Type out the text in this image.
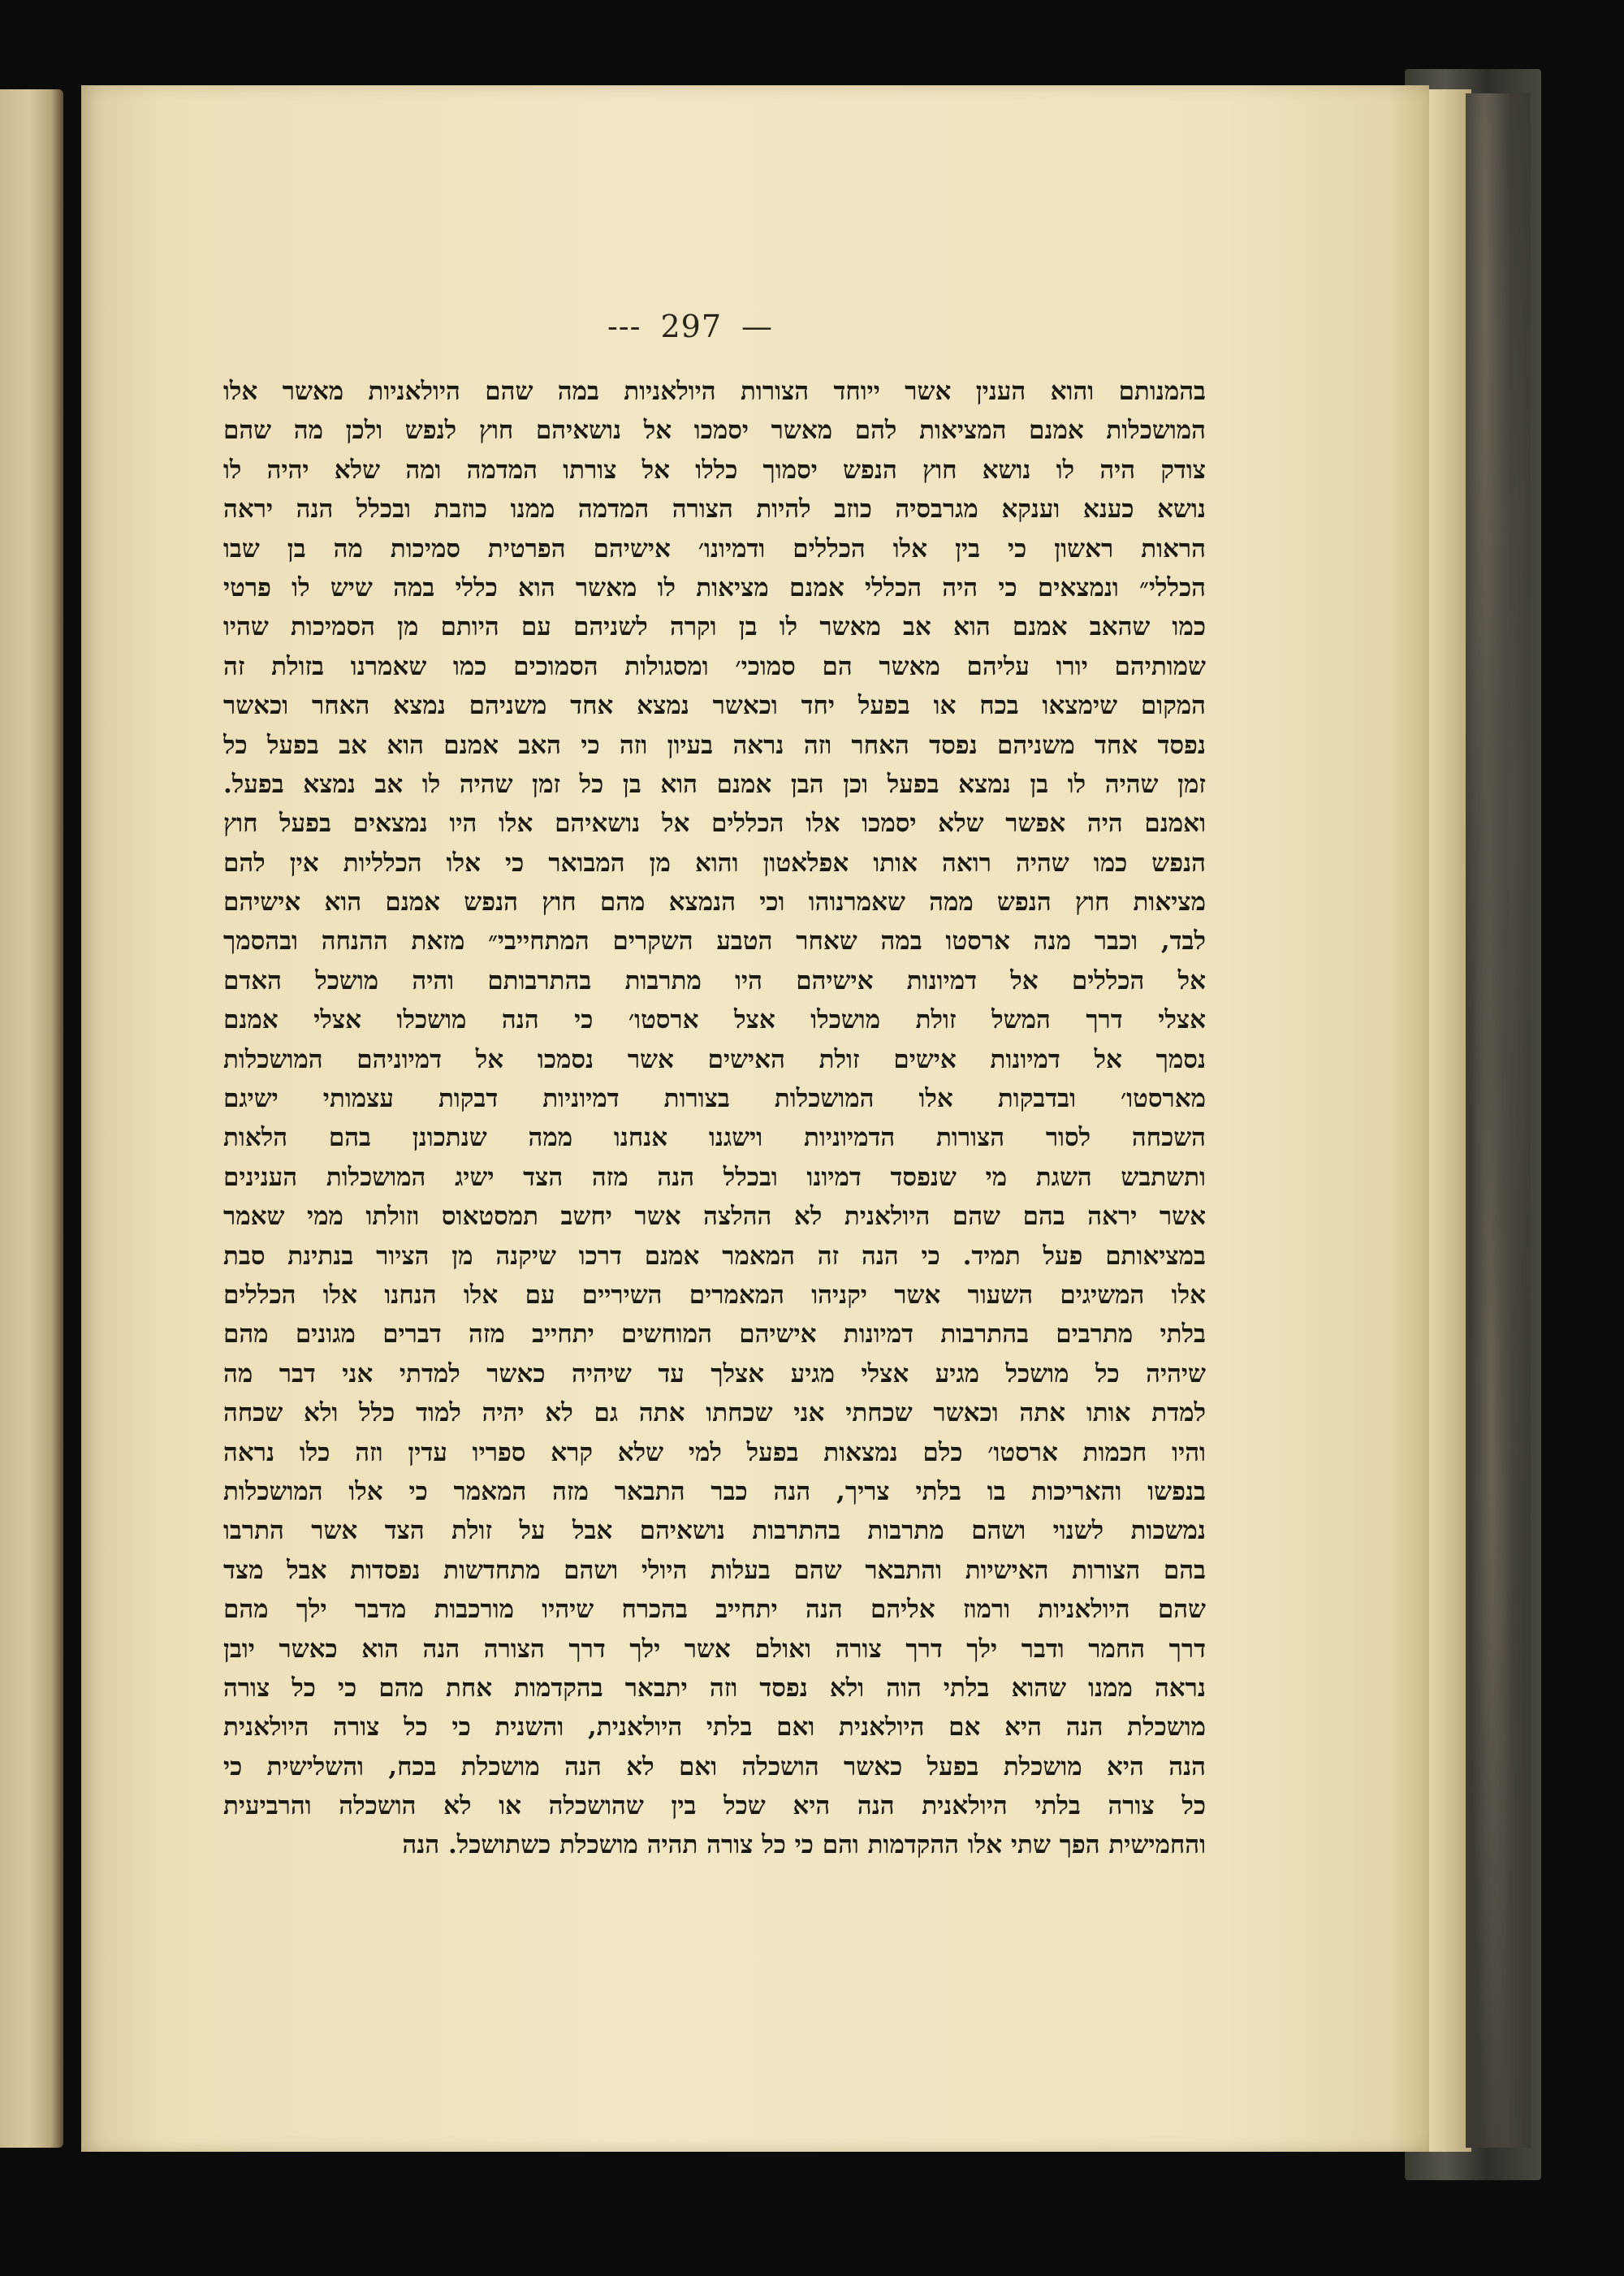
--- 297 —
בהמנותם והוא הענין אשר ייוחד הצורות היולאניות במה שהם היולאניות מאשר אלו
המושכלות אמנם המציאות להם מאשר יסמכו אל נושאיהם חוץ לנפש ולכן מה שהם
צודק היה לו נושא חוץ הנפש יסמוך כללו אל צורתו המדמה ומה שלא יהיה לו
נושא כענא וענקא מגרבסיה כוזב להיות הצורה המדמה ממנו כוזבת ובכלל הנה יראה
הראות ראשון כי בין אלו הכללים ודמיונו׳ אישיהם הפרטית סמיכות מה בן שבו
הכללי״ ונמצאים כי היה הכללי אמנם מציאות לו מאשר הוא כללי במה שיש לו פרטי
כמו שהאב אמנם הוא אב מאשר לו בן וקרה לשניהם עם היותם מן הסמיכות שהיו
שמותיהם יורו עליהם מאשר הם סמוכי׳ ומסגולות הסמוכים כמו שאמרנו בזולת זה
המקום שימצאו בכח או בפעל יחד וכאשר נמצא אחד משניהם נמצא האחר וכאשר
נפסד אחד משניהם נפסד האחר וזה נראה בעיון וזה כי האב אמנם הוא אב בפעל כל
זמן שהיה לו בן נמצא בפעל וכן הבן אמנם הוא בן כל זמן שהיה לו אב נמצא בפעל.
ואמנם היה אפשר שלא יסמכו אלו הכללים אל נושאיהם אלו היו נמצאים בפעל חוץ
הנפש כמו שהיה רואה אותו אפלאטון והוא מן המבואר כי אלו הכלליות אין להם
מציאות חוץ הנפש ממה שאמרנוהו וכי הנמצא מהם חוץ הנפש אמנם הוא אישיהם
לבד, וכבר מנה ארסטו במה שאחר הטבע השקרים המתחייבי״ מזאת ההנחה ובהסמך
אל הכללים אל דמיונות אישיהם היו מתרבות בהתרבותם והיה מושכל האדם
אצלי דרך המשל זולת מושכלו אצל ארסטו׳ כי הנה מושכלו אצלי אמנם
נסמך אל דמיונות אישים זולת האישים אשר נסמכו אל דמיוניהם המושכלות
מארסטו׳ ובדבקות אלו המושכלות בצורות דמיוניות דבקות עצמותי ישיגם
השכחה לסור הצורות הדמיוניות וישגנו אנחנו ממה שנתכונן בהם הלאות
ותשתבש השגת מי שנפסד דמיונו ובכלל הנה מזה הצד ישיג המושכלות הענינים
אשר יראה בהם שהם היולאנית לא ההלצה אשר יחשב תמסטאוס וזולתו ממי שאמר
במציאותם פעל תמיד. כי הנה זה המאמר אמנם דרכו שיקנה מן הציור בנתינת סבת
אלו המשיגים השעור אשר יקניהו המאמרים השיריים עם אלו הנחנו אלו הכללים
בלתי מתרבים בהתרבות דמיונות אישיהם המוחשים יתחייב מזה דברים מגונים מהם
שיהיה כל מושכל מגיע אצלי מגיע אצלך עד שיהיה כאשר למדתי אני דבר מה
למדת אותו אתה וכאשר שכחתי אני שכחתו אתה גם לא יהיה למוד כלל ולא שכחה
והיו חכמות ארסטו׳ כלם נמצאות בפעל למי שלא קרא ספריו עדין וזה כלו נראה
בנפשו והאריכות בו בלתי צריך, הנה כבר התבאר מזה המאמר כי אלו המושכלות
נמשכות לשנוי ושהם מתרבות בהתרבות נושאיהם אבל על זולת הצד אשר התרבו
בהם הצורות האישיות והתבאר שהם בעלות היולי ושהם מתחדשות נפסדות אבל מצד
שהם היולאניות ורמוז אליהם הנה יתחייב בהכרח שיהיו מורכבות מדבר ילך מהם
דרך החמר ודבר ילך דרך צורה ואולם אשר ילך דרך הצורה הנה הוא כאשר יובן
נראה ממנו שהוא בלתי הוה ולא נפסד וזה יתבאר בהקדמות אחת מהם כי כל צורה
מושכלת הנה היא אם היולאנית ואם בלתי היולאנית, והשנית כי כל צורה היולאנית
הנה היא מושכלת בפעל כאשר הושכלה ואם לא הנה מושכלת בכח, והשלישית כי
כל צורה בלתי היולאנית הנה היא שכל בין שהושכלה או לא הושכלה והרביעית
והחמישית הפך שתי אלו ההקדמות והם כי כל צורה תהיה מושכלת כשתושכל. הנה
